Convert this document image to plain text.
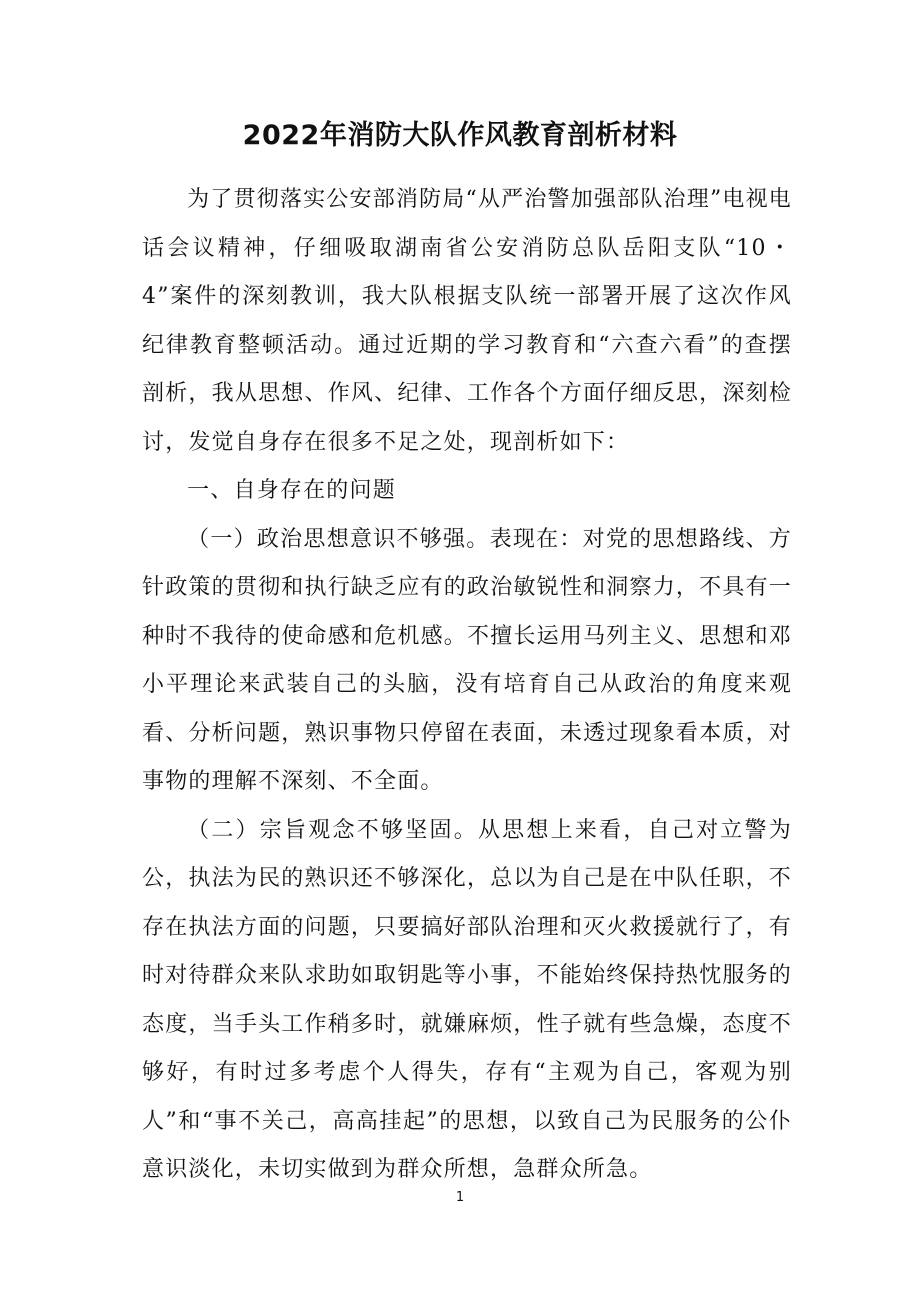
2022年消防大队作风教育剖析材料

为了贯彻落实公安部消防局“从严治警加强部队治理”电视电话会议精神，仔细吸取湖南省公安消防总队岳阳支队“10・4”案件的深刻教训，我大队根据支队统一部署开展了这次作风纪律教育整顿活动。通过近期的学习教育和“六查六看”的查摆剖析，我从思想、作风、纪律、工作各个方面仔细反思，深刻检讨，发觉自身存在很多不足之处，现剖析如下：

一、自身存在的问题

（一）政治思想意识不够强。表现在：对党的思想路线、方针政策的贯彻和执行缺乏应有的政治敏锐性和洞察力，不具有一种时不我待的使命感和危机感。不擅长运用马列主义、思想和邓小平理论来武装自己的头脑，没有培育自己从政治的角度来观看、分析问题，熟识事物只停留在表面，未透过现象看本质，对事物的理解不深刻、不全面。

（二）宗旨观念不够坚固。从思想上来看，自己对立警为公，执法为民的熟识还不够深化，总以为自己是在中队任职，不存在执法方面的问题，只要搞好部队治理和灭火救援就行了，有时对待群众来队求助如取钥匙等小事，不能始终保持热忱服务的态度，当手头工作稍多时，就嫌麻烦，性子就有些急燥，态度不够好，有时过多考虑个人得失，存有“主观为自己，客观为别人”和“事不关己，高高挂起”的思想，以致自己为民服务的公仆意识淡化，未切实做到为群众所想，急群众所急。

1
